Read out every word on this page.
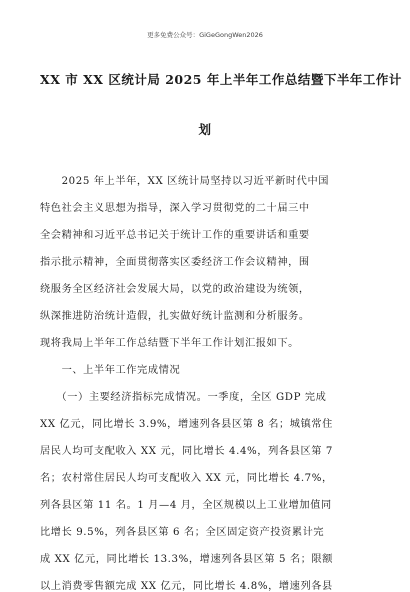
更多免费公众号：GiGeGongWen2026
XX 市 XX 区统计局 2025 年上半年工作总结暨下半年工作计
划
　　2025 年上半年，XX 区统计局坚持以习近平新时代中国
特色社会主义思想为指导，深入学习贯彻党的二十届三中
全会精神和习近平总书记关于统计工作的重要讲话和重要
指示批示精神，全面贯彻落实区委经济工作会议精神，围
绕服务全区经济社会发展大局，以党的政治建设为统领，
纵深推进防治统计造假，扎实做好统计监测和分析服务。
现将我局上半年工作总结暨下半年工作计划汇报如下。
　　一、上半年工作完成情况
　　（一）主要经济指标完成情况。一季度，全区 GDP 完成
XX 亿元，同比增长 3.9%，增速列各县区第 8 名；城镇常住
居民人均可支配收入 XX 元，同比增长 4.4%，列各县区第 7
名；农村常住居民人均可支配收入 XX 元，同比增长 4.7%，
列各县区第 11 名。1 月—4 月，全区规模以上工业增加值同
比增长 9.5%，列各县区第 6 名；全区固定资产投资累计完
成 XX 亿元，同比增长 13.3%，增速列各县区第 5 名；限额
以上消费零售额完成 XX 亿元，同比增长 4.8%，增速列各县
